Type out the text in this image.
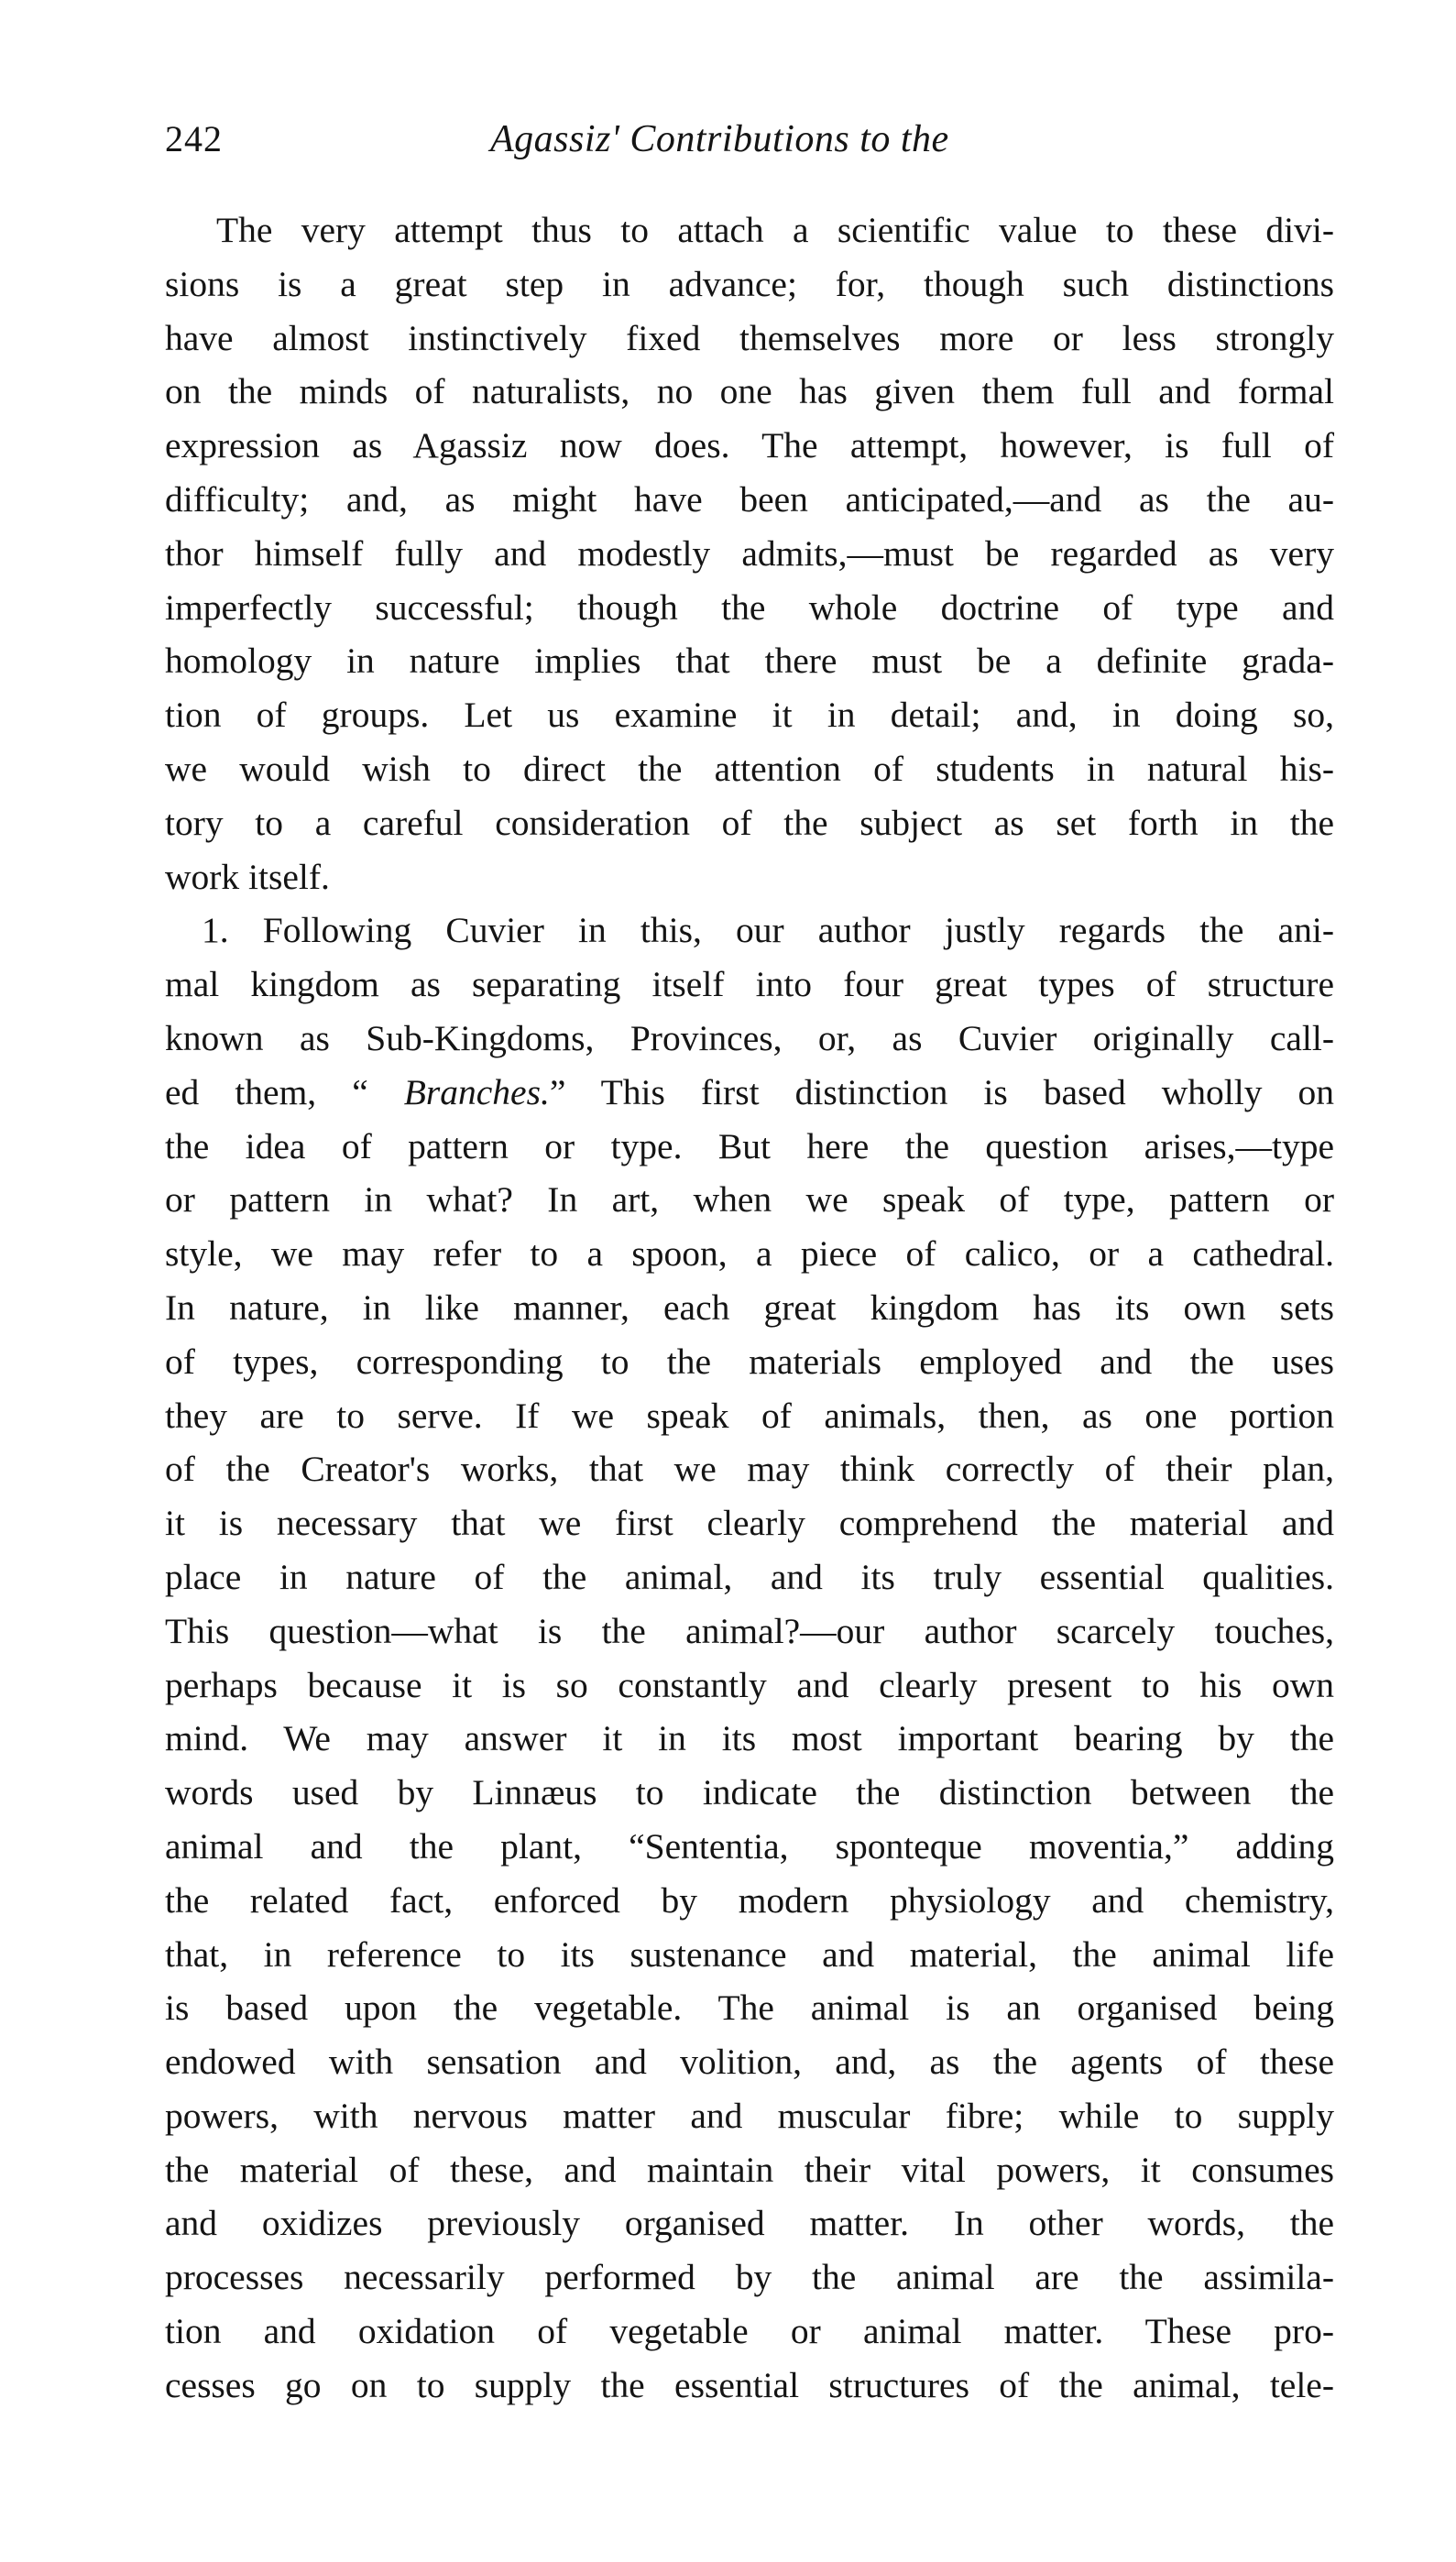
242	Agassiz' Contributions to the
The very attempt thus to attach a scientific value to these divi-
sions is a great step in advance; for, though such distinctions
have almost instinctively fixed themselves more or less strongly
on the minds of naturalists, no one has given them full and formal
expression as Agassiz now does. The attempt, however, is full of
difficulty; and, as might have been anticipated,—and as the au-
thor himself fully and modestly admits,—must be regarded as very
imperfectly successful; though the whole doctrine of type and
homology in nature implies that there must be a definite grada-
tion of groups. Let us examine it in detail; and, in doing so,
we would wish to direct the attention of students in natural his-
tory to a careful consideration of the subject as set forth in the
work itself.
1. Following Cuvier in this, our author justly regards the ani-
mal kingdom as separating itself into four great types of structure
known as Sub-Kingdoms, Provinces, or, as Cuvier originally call-
ed them, “ Branches.” This first distinction is based wholly on
the idea of pattern or type. But here the question arises,—type
or pattern in what? In art, when we speak of type, pattern or
style, we may refer to a spoon, a piece of calico, or a cathedral.
In nature, in like manner, each great kingdom has its own sets
of types, corresponding to the materials employed and the uses
they are to serve. If we speak of animals, then, as one portion
of the Creator's works, that we may think correctly of their plan,
it is necessary that we first clearly comprehend the material and
place in nature of the animal, and its truly essential qualities.
This question—what is the animal?—our author scarcely touches,
perhaps because it is so constantly and clearly present to his own
mind. We may answer it in its most important bearing by the
words used by Linnæus to indicate the distinction between the
animal and the plant, “Sententia, sponteque moventia,” adding
the related fact, enforced by modern physiology and chemistry,
that, in reference to its sustenance and material, the animal life
is based upon the vegetable. The animal is an organised being
endowed with sensation and volition, and, as the agents of these
powers, with nervous matter and muscular fibre; while to supply
the material of these, and maintain their vital powers, it consumes
and oxidizes previously organised matter. In other words, the
processes necessarily performed by the animal are the assimila-
tion and oxidation of vegetable or animal matter. These pro-
cesses go on to supply the essential structures of the animal, tele-
